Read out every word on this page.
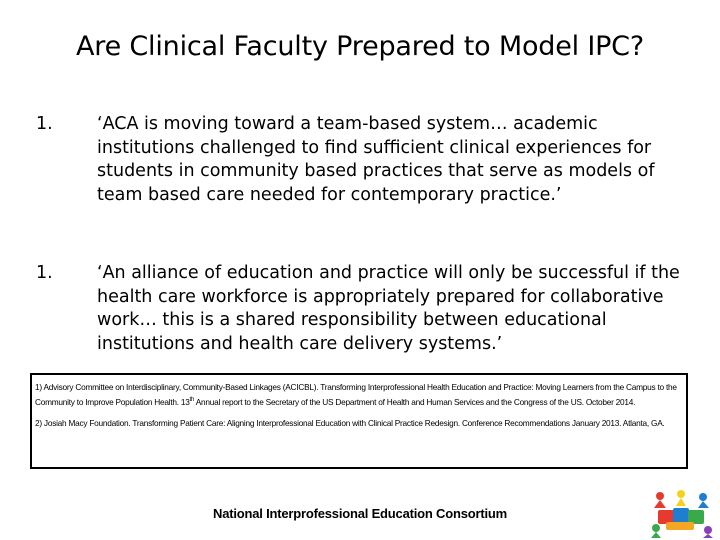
Are Clinical Faculty Prepared to Model IPC?
1.	‘ACA is moving toward a team-based system… academic institutions challenged to find sufficient clinical experiences for students in community based practices that serve as models of team based care needed for contemporary practice.’
1.	‘An alliance of education and practice will only be successful if the health care workforce is appropriately prepared for collaborative work… this is a shared responsibility between educational institutions and health care delivery systems.’

1) Advisory Committee on Interdisciplinary, Community-Based Linkages (ACICBL). Transforming Interprofessional Health Education and Practice: Moving Learners from the Campus to the Community to Improve Population Health. 13th Annual report to the Secretary of the US Department of Health and Human Services and the Congress of the US. October 2014.

2) Josiah Macy Foundation. Transforming Patient Care: Aligning Interprofessional Education with Clinical Practice Redesign. Conference Recommendations January 2013. Atlanta, GA.

National Interprofessional Education Consortium
